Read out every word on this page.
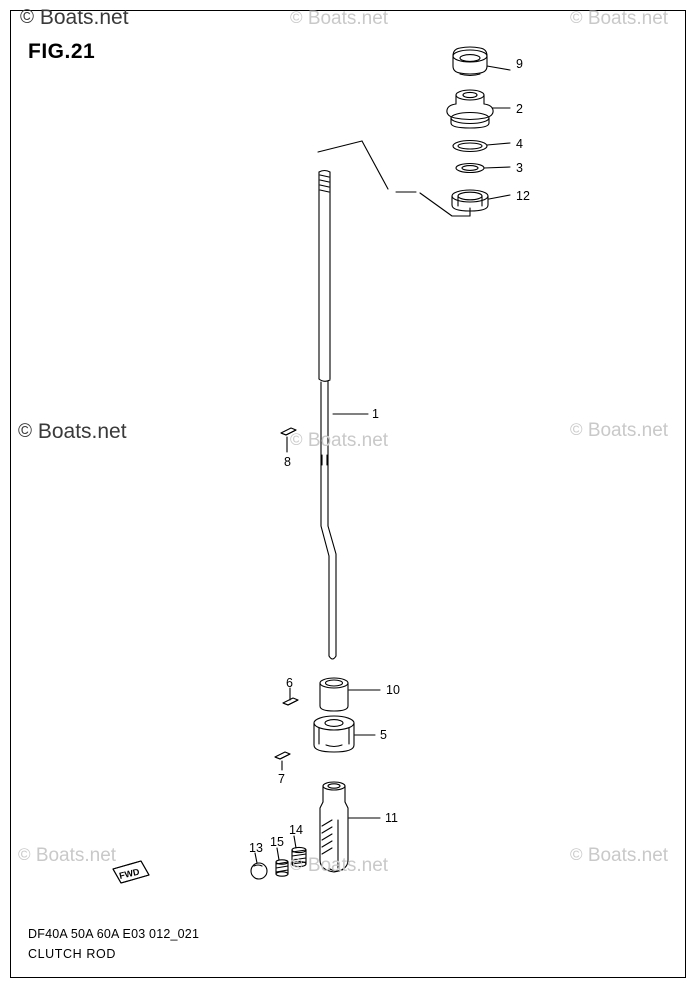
FIG.21
FWD
9
2
4
3
12
1
8
6	10
5
7
11
13 15
14
© Boats.net	© Boats.net	© Boats.net
© Boats.net	© Boats.net
© Boats.net
© Boats.net	© Boats.net
© Boats.net
DF40A 50A 60A E03 012_021
CLUTCH ROD
